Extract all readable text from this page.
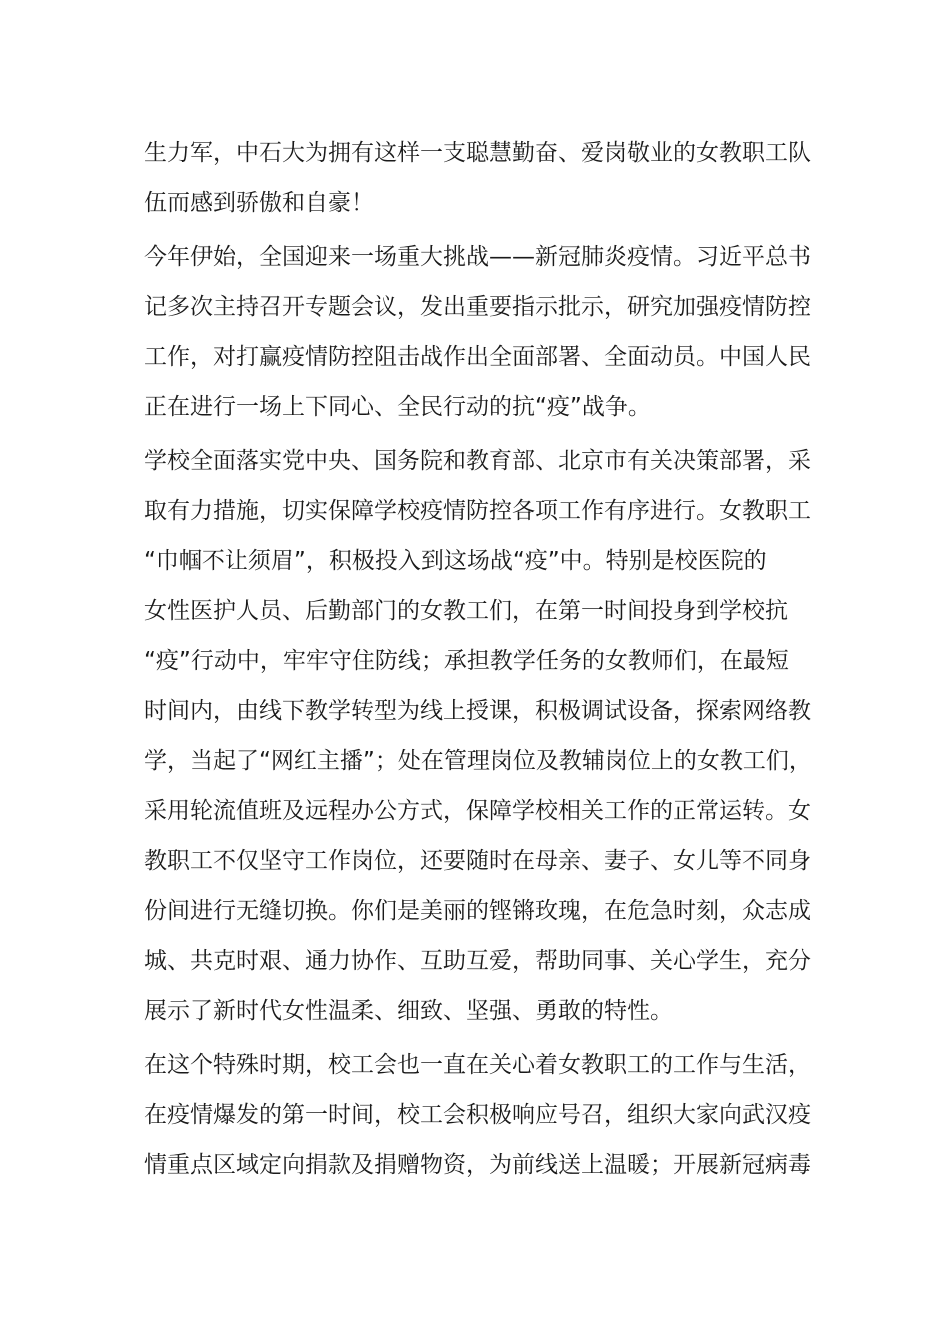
生力军，中石大为拥有这样一支聪慧勤奋、爱岗敬业的女教职工队
伍而感到骄傲和自豪！
今年伊始，全国迎来一场重大挑战——新冠肺炎疫情。习近平总书
记多次主持召开专题会议，发出重要指示批示，研究加强疫情防控
工作，对打赢疫情防控阻击战作出全面部署、全面动员。中国人民
正在进行一场上下同心、全民行动的抗“疫”战争。
学校全面落实党中央、国务院和教育部、北京市有关决策部署，采
取有力措施，切实保障学校疫情防控各项工作有序进行。女教职工
“巾帼不让须眉”，积极投入到这场战“疫”中。特别是校医院的
女性医护人员、后勤部门的女教工们，在第一时间投身到学校抗
“疫”行动中，牢牢守住防线；承担教学任务的女教师们，在最短
时间内，由线下教学转型为线上授课，积极调试设备，探索网络教
学，当起了“网红主播”；处在管理岗位及教辅岗位上的女教工们，
采用轮流值班及远程办公方式，保障学校相关工作的正常运转。女
教职工不仅坚守工作岗位，还要随时在母亲、妻子、女儿等不同身
份间进行无缝切换。你们是美丽的铿锵玫瑰，在危急时刻，众志成
城、共克时艰、通力协作、互助互爱，帮助同事、关心学生，充分
展示了新时代女性温柔、细致、坚强、勇敢的特性。
在这个特殊时期，校工会也一直在关心着女教职工的工作与生活，
在疫情爆发的第一时间，校工会积极响应号召，组织大家向武汉疫
情重点区域定向捐款及捐赠物资，为前线送上温暖；开展新冠病毒
